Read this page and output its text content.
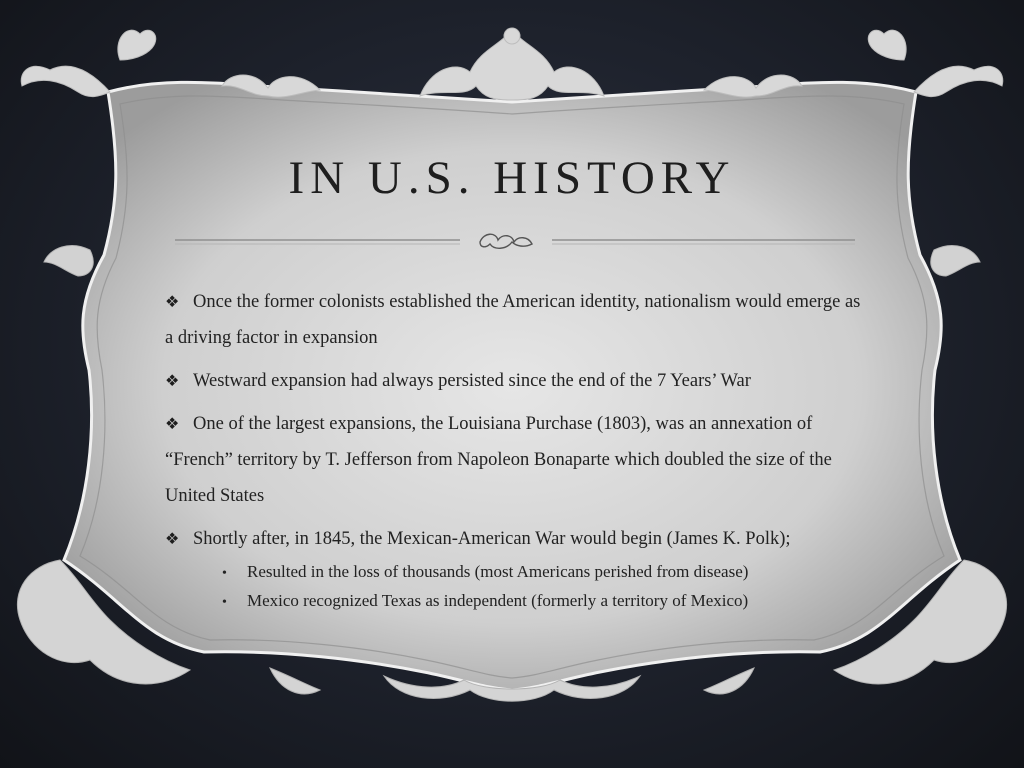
IN U.S. HISTORY
❖ Once the former colonists established the American identity, nationalism would emerge as a driving factor in expansion
❖ Westward expansion had always persisted since the end of the 7 Years’ War
❖ One of the largest expansions, the Louisiana Purchase (1803), was an annexation of “French” territory by T. Jefferson from Napoleon Bonaparte which doubled the size of the United States
❖ Shortly after, in 1845, the Mexican-American War would begin (James K. Polk);
• Resulted in the loss of thousands (most Americans perished from disease)
• Mexico recognized Texas as independent (formerly a territory of Mexico)
